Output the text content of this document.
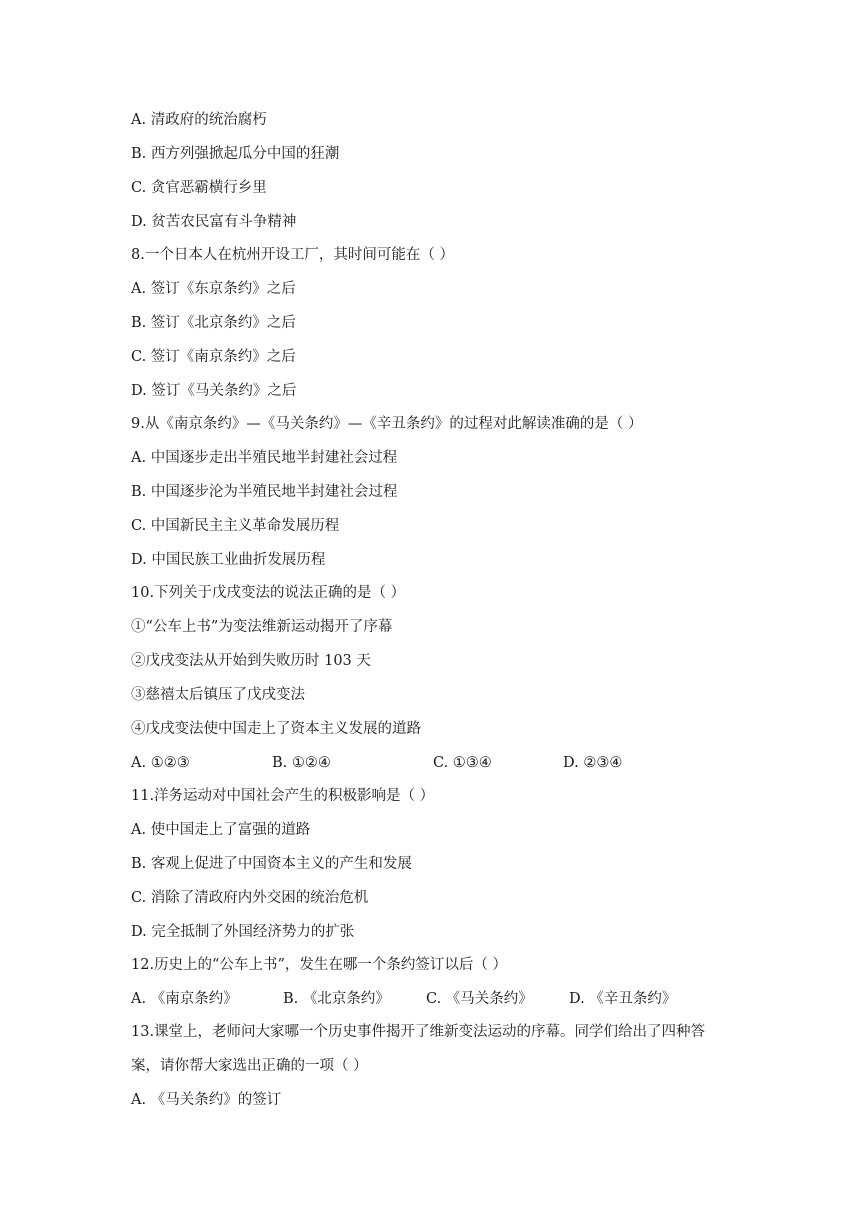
A. 清政府的统治腐朽
B. 西方列强掀起瓜分中国的狂潮
C. 贪官恶霸横行乡里
D. 贫苦农民富有斗争精神
8.一个日本人在杭州开设工厂，其时间可能在（ ）
A. 签订《东京条约》之后
B. 签订《北京条约》之后
C. 签订《南京条约》之后
D. 签订《马关条约》之后
9.从《南京条约》—《马关条约》—《辛丑条约》的过程对此解读准确的是（ ）
A. 中国逐步走出半殖民地半封建社会过程
B. 中国逐步沦为半殖民地半封建社会过程
C. 中国新民主主义革命发展历程
D. 中国民族工业曲折发展历程
10.下列关于戊戌变法的说法正确的是（ ）
①“公车上书”为变法维新运动揭开了序幕
②戊戌变法从开始到失败历时 103 天
③慈禧太后镇压了戊戌变法
④戊戌变法使中国走上了资本主义发展的道路
A. ①②③	B. ①②④	C. ①③④	D. ②③④
11.洋务运动对中国社会产生的积极影响是（ ）
A. 使中国走上了富强的道路
B. 客观上促进了中国资本主义的产生和发展
C. 消除了清政府内外交困的统治危机
D. 完全抵制了外国经济势力的扩张
12.历史上的“公车上书”，发生在哪一个条约签订以后（ ）
A. 《南京条约》	B. 《北京条约》 C. 《马关条约》 D. 《辛丑条约》
13.课堂上，老师问大家哪一个历史事件揭开了维新变法运动的序幕。同学们给出了四种答
案，请你帮大家选出正确的一项（ ）
A. 《马关条约》的签订
